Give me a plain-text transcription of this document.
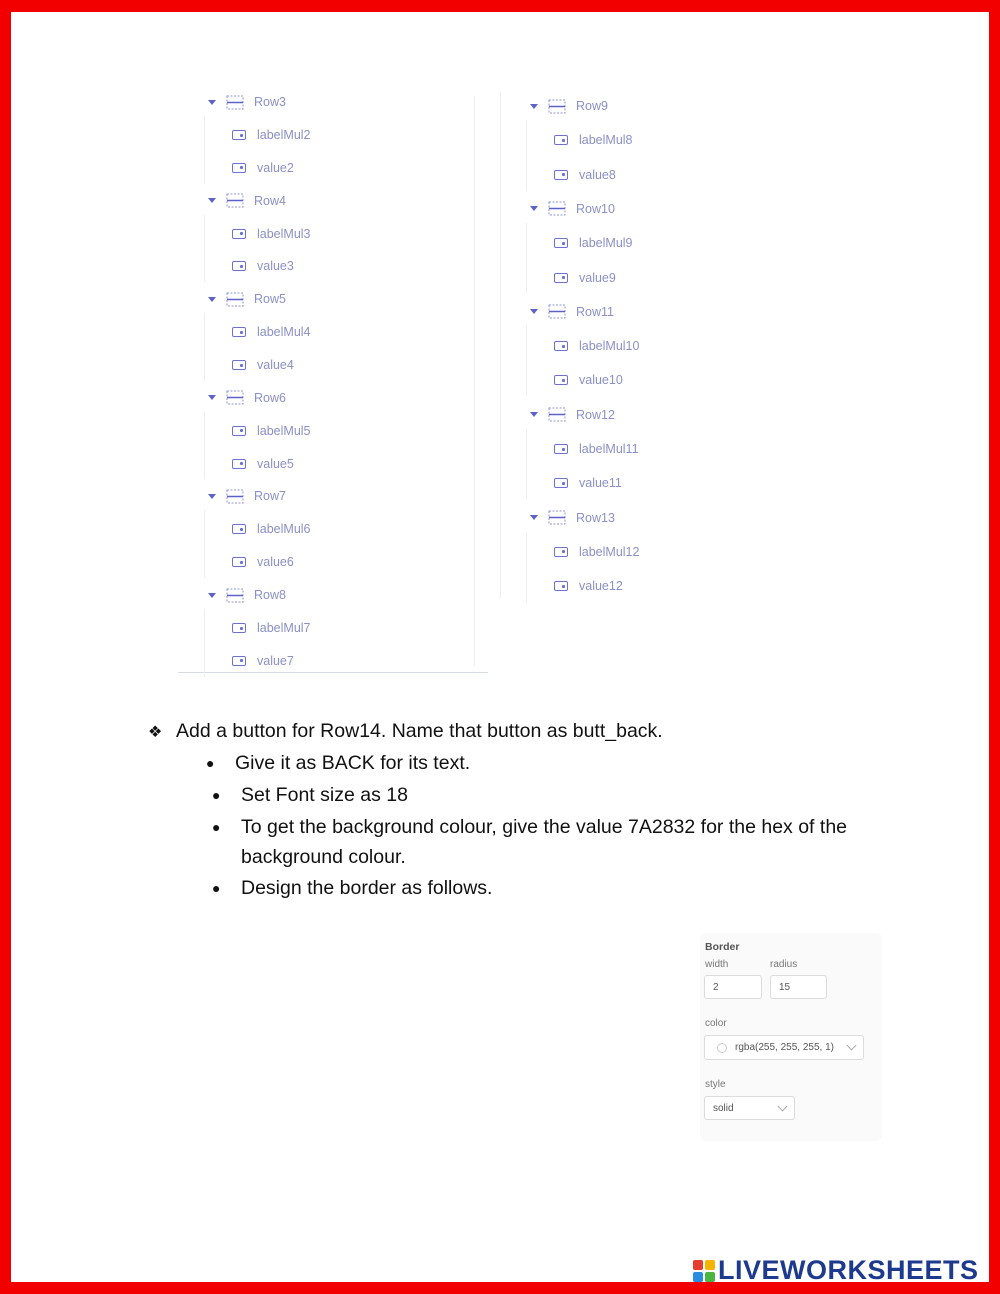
Row3
labelMul2
value2
Row4
labelMul3
value3
Row5
labelMul4
value4
Row6
labelMul5
value5
Row7
labelMul6
value6
Row8
labelMul7
value7
Row9
labelMul8
value8
Row10
labelMul9
value9
Row11
labelMul10
value10
Row12
labelMul11
value11
Row13
labelMul12
value12
❖ Add a button for Row14. Name that button as butt_back.
●	Give it as BACK for its text.
●	Set Font size as 18
●	To get the background colour, give the value 7A2832 for the hex of the background colour.
●	Design the border as follows.
Border
width	radius
2	15
color
rgba(255, 255, 255, 1)
style
solid
LIVEWORKSHEETS
